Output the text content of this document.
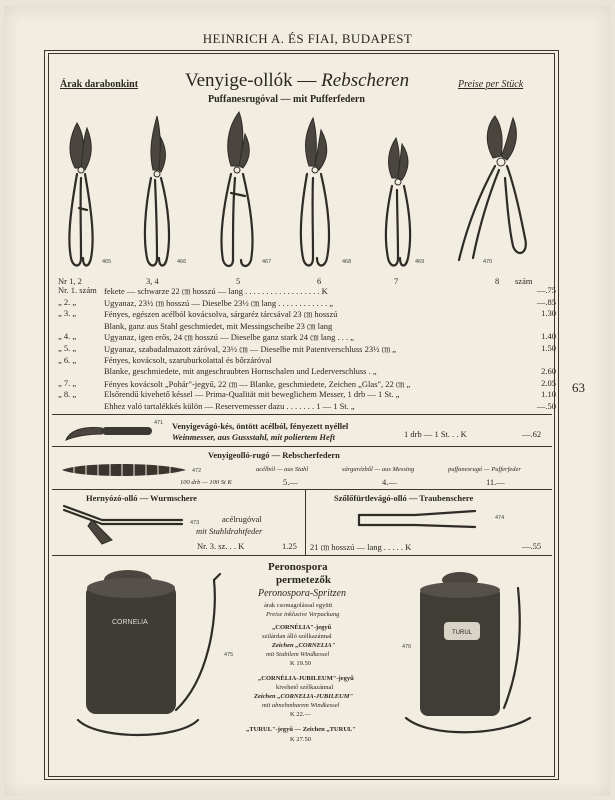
HEINRICH A. ÉS FIAI, BUDAPEST
63
Árak darabonkint Venyige-ollók — Rebscheren	Preise per Stück
Puffanesrugóval — mit Pufferfedern
465	466	467	468	469	470
Nr 1, 2	3, 4	5	6	7	8 szám
Nr. 1. szám fekete — schwarze 22 ㎝ hosszú — lang . . . . . . . . . . . . . . . . . . K	—.75
„ 2. „	Ugyanaz, 23½ ㎝ hosszú — Dieselbe 23½ ㎝ lang . . . . . . . . . . . . „	—.85
„ 3. „	Fényes, egészen acélból kovácsolva, sárgaréz tárcsával 23 ㎝ hosszú	1.30
Blank, ganz aus Stahl geschmiedet, mit Messingscheibe 23 ㎝ lang
„ 4. „	Ugyanaz, igen erős, 24 ㎝ hosszú — Dieselbe ganz stark 24 ㎝ lang . . . „	1.40
„ 5. „	Ugyanaz, szabadalmazott záróval, 23½ ㎝ — Dieselbe mit Patentverschluss 23½ ㎝ „	1.50
„ 6. „	Fényes, kovácsolt, szaruburkolattal és bőrzáróval
Blanke, geschmiedete, mit angeschraubten Hornschalen und Lederverschluss . „	2.60
„ 7. „	Fényes kovácsolt „Pohár"-jegyű, 22 ㎝ — Blanke, geschmiedete, Zeichen „Glas", 22 ㎝ „	2.05
„ 8. „	Elsőrendű kivehető késsel — Prima-Qualität mit beweglichem Messer, 1 drb — 1 St. „	1.10
Ehhez való tartalékkés külön — Reservemesser dazu . . . . . . . 1 — 1 St. „	—.50
471 Venyigevágó-kés, öntött acélból, fényezett nyéllel
Weinmesser, aus Gussstahl, mit poliertem Heft	1 drb — 1 St. . . K	—.62
Venyigeolló-rugó — Rebscherfedern
472	acélból — aus Stahl	sárgarézből — aus Messing	puffanesrugó — Pufferfeder
100 drb — 100 St K	5.—	4.—	11.—
Hernyózó-olló — Wurmschere
473	acélrugóval
mit Stahldrahtfeder
Nr. 3. sz. . . K	1.25
Szőlőfürtlevágó-olló — Traubenschere
474
21 ㎝ hosszú — lang . . . . . K	—.55
CORNELIA
475
TURUL
476
Peronospora
permetezők
Peronospora-Spritzen
árak csomagolással együtt
Preise inklusive Verpackung
„CORNÉLIA"-jegyű
szilárdan álló szélkazánnal
Zeichen „CORNELIA"
mit Stabilem Windkessel
K 19.50
„CORNÉLIA-JUBILEUM"-jegyű
kivehető szélkazánnal
Zeichen „CORNELIA-JUBILEUM"
mit abnehmbarem Windkessel
K 22.—
„TURUL"-jegyű — Zeichen „TURUL"
K 27.50
